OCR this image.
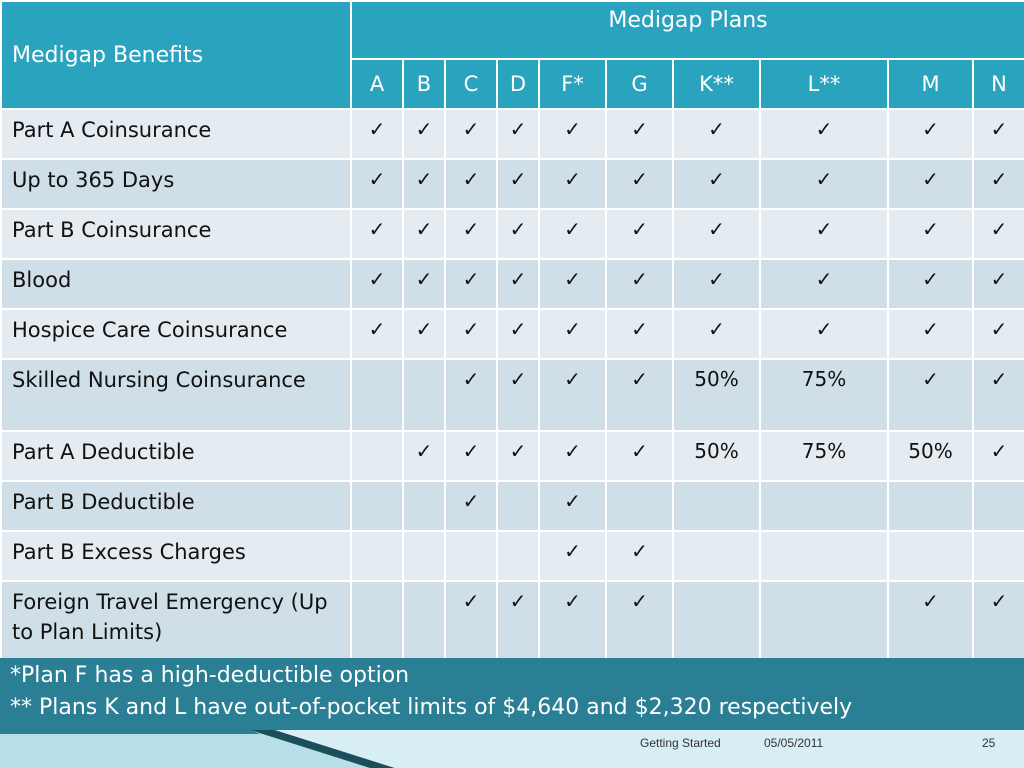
Medigap Benefits	Medigap Plans									
	A	B	C	D	F*	G	K**	L**	M	N
Part A Coinsurance	✓	✓	✓	✓	✓	✓	✓	✓	✓	✓
Up to 365 Days	✓	✓	✓	✓	✓	✓	✓	✓	✓	✓
Part B Coinsurance	✓	✓	✓	✓	✓	✓	✓	✓	✓	✓
Blood	✓	✓	✓	✓	✓	✓	✓	✓	✓	✓
Hospice Care Coinsurance	✓	✓	✓	✓	✓	✓	✓	✓	✓	✓
Skilled Nursing Coinsurance			✓	✓	✓	✓	50%	75%	✓	✓
Part A Deductible		✓	✓	✓	✓	✓	50%	75%	50%	✓
Part B Deductible			✓		✓					
Part B Excess Charges					✓	✓				
Foreign Travel Emergency (Up to Plan Limits)			✓	✓	✓	✓			✓	✓
*Plan F has a high-deductible option
** Plans K and L have out-of-pocket limits of $4,640 and $2,320 respectively
Getting Started	05/05/2011	25
